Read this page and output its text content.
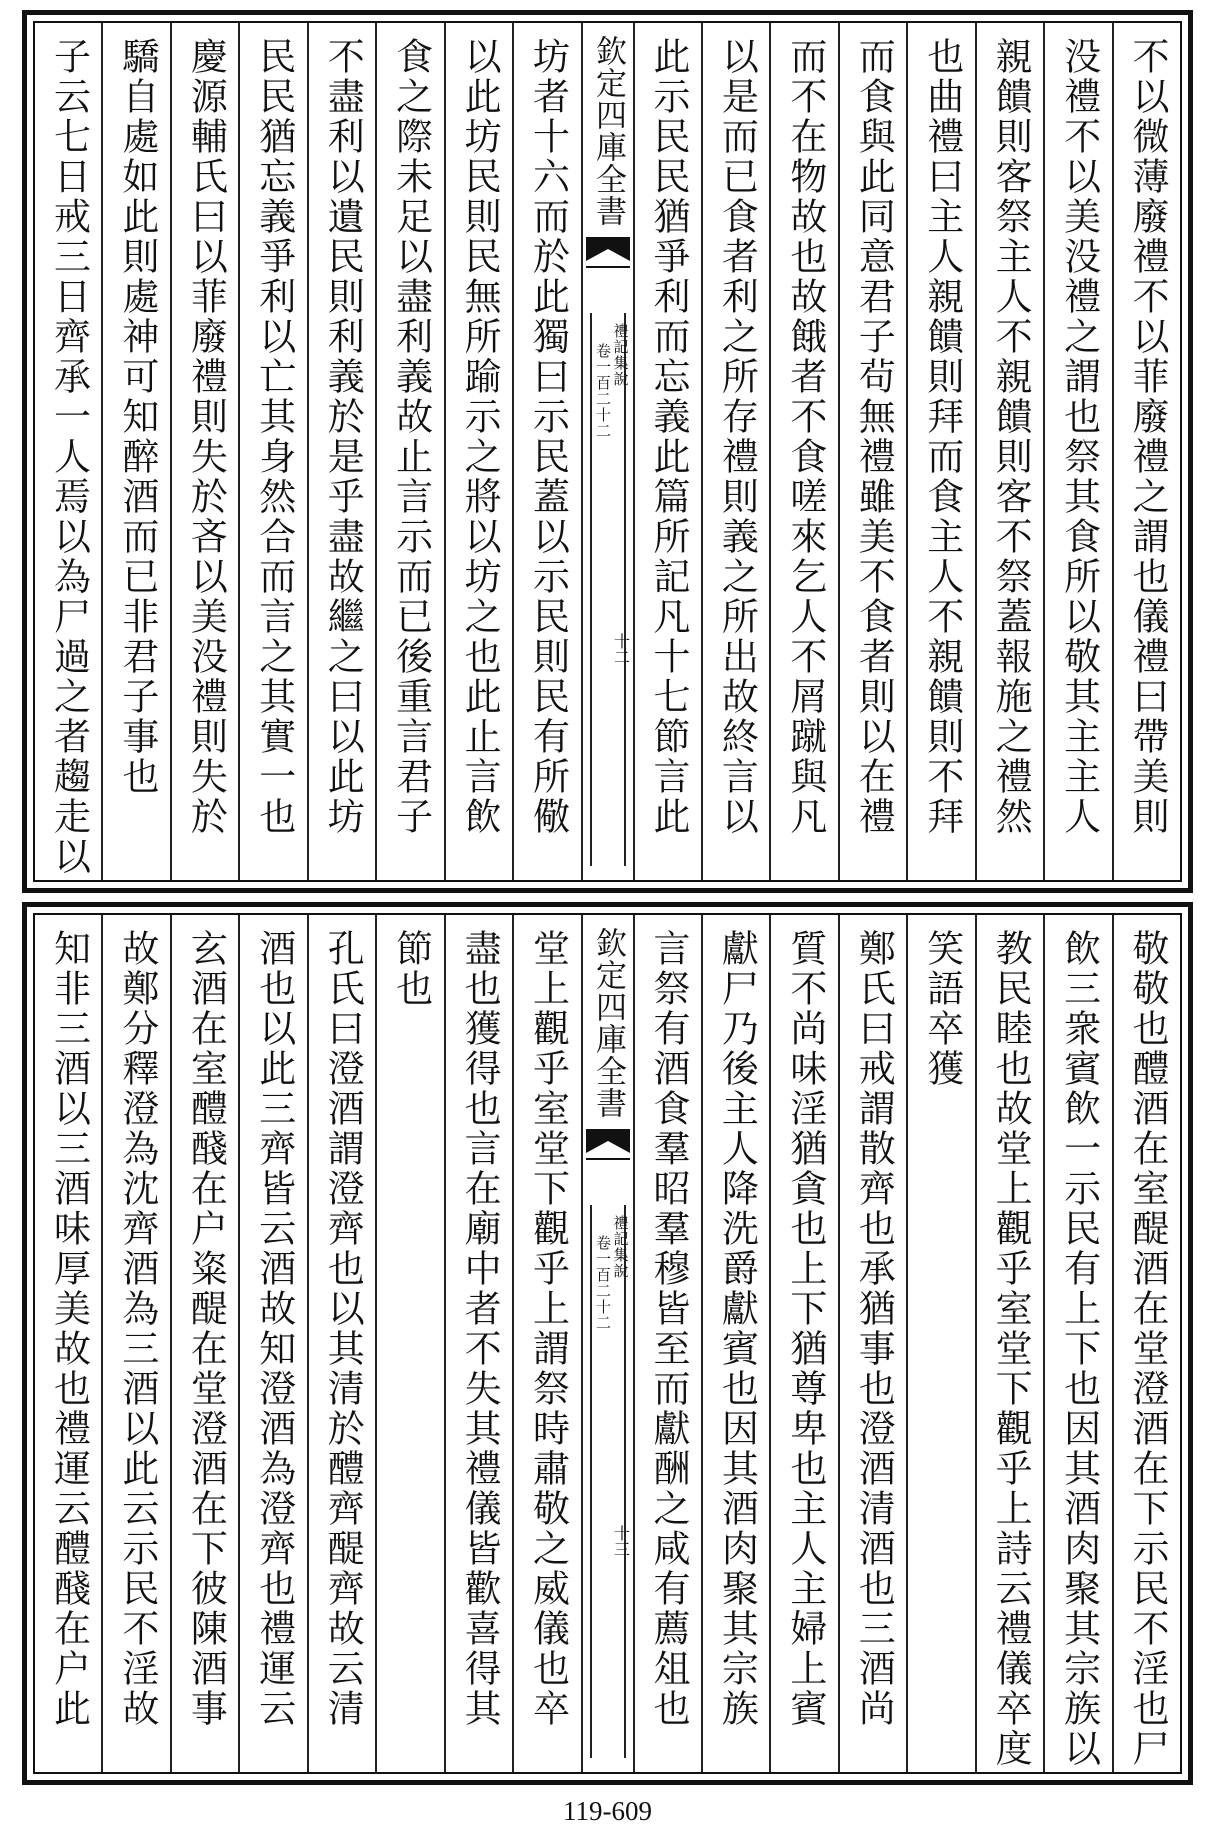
不以微薄廢禮不以菲廢禮之謂也儀禮曰帶美則
没禮不以美没禮之謂也祭其食所以敬其主主人
親饋則客祭主人不親饋則客不祭蓋報施之禮然
也曲禮曰主人親饋則拜而食主人不親饋則不拜
而食與此同意君子茍無禮雖美不食者則以在禮
而不在物故也故餓者不食嗟來乞人不屑蹴與凡
以是而已食者利之所存禮則義之所出故終言以
此示民民猶爭利而忘義此篇所記凡十七節言此
欽定四庫全書
禮記集說
卷一百二十二
十二
坊者十六而於此獨曰示民蓋以示民則民有所儆
以此坊民則民無所踰示之將以坊之也此止言飲
食之際未足以盡利義故止言示而已後重言君子
不盡利以遺民則利義於是乎盡故繼之曰以此坊
民民猶忘義爭利以亡其身然合而言之其實一也
慶源輔氏曰以菲廢禮則失於吝以美没禮則失於
驕自處如此則處神可知醉酒而已非君子事也
子云七日戒三日齊承一人焉以為尸過之者趨走以
敬敬也醴酒在室醍酒在堂澄酒在下示民不淫也尸
飲三衆賓飲一示民有上下也因其酒肉聚其宗族以
教民睦也故堂上觀乎室堂下觀乎上詩云禮儀卒度
笑語卒獲
鄭氏曰戒謂散齊也承猶事也澄酒清酒也三酒尚
質不尚味淫猶貪也上下猶尊卑也主人主婦上賓
獻尸乃後主人降洗爵獻賓也因其酒肉聚其宗族
言祭有酒食羣昭羣穆皆至而獻酬之咸有薦俎也
欽定四庫全書
禮記集說
卷一百二十二
十三
堂上觀乎室堂下觀乎上謂祭時肅敬之威儀也卒
盡也獲得也言在廟中者不失其禮儀皆歡喜得其
節也
孔氏曰澄酒謂澄齊也以其清於醴齊醍齊故云清
酒也以此三齊皆云酒故知澄酒為澄齊也禮運云
玄酒在室醴醆在户粢醍在堂澄酒在下彼陳酒事
故鄭分釋澄為沈齊酒為三酒以此云示民不淫故
知非三酒以三酒味厚美故也禮運云醴醆在户此
119-609
